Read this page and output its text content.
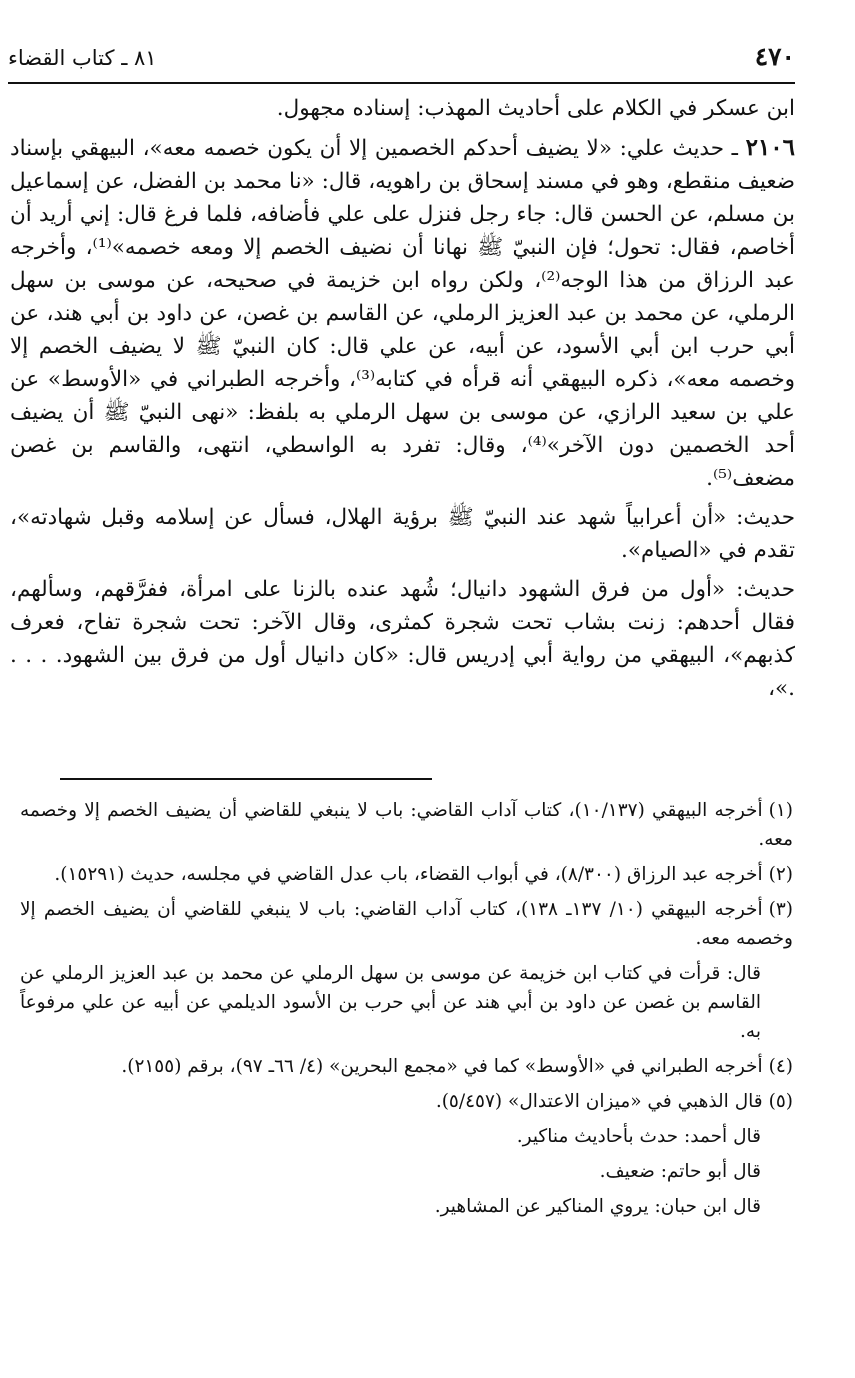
٤٧٠
٨١ ـ كتاب القضاء

ابن عسكر في الكلام على أحاديث المهذب: إسناده مجهول.

٢١٠٦ ـ حديث علي: «لا يضيف أحدكم الخصمين إلا أن يكون خصمه معه»، البيهقي بإسناد ضعيف منقطع، وهو في مسند إسحاق بن راهويه، قال: «نا محمد بن الفضل، عن إسماعيل بن مسلم، عن الحسن قال: جاء رجل فنزل على علي فأضافه، فلما فرغ قال: إني أريد أن أخاصم، فقال: تحول؛ فإن النبيّ ﷺ نهانا أن نضيف الخصم إلا ومعه خصمه»⁽¹⁾، وأخرجه عبد الرزاق من هذا الوجه⁽²⁾، ولكن رواه ابن خزيمة في صحيحه، عن موسى بن سهل الرملي، عن محمد بن عبد العزيز الرملي، عن القاسم بن غصن، عن داود بن أبي هند، عن أبي حرب ابن أبي الأسود، عن أبيه، عن علي قال: كان النبيّ ﷺ لا يضيف الخصم إلا وخصمه معه»، ذكره البيهقي أنه قرأه في كتابه⁽³⁾، وأخرجه الطبراني في «الأوسط» عن علي بن سعيد الرازي، عن موسى بن سهل الرملي به بلفظ: «نهى النبيّ ﷺ أن يضيف أحد الخصمين دون الآخر»⁽⁴⁾، وقال: تفرد به الواسطي، انتهى، والقاسم بن غصن مضعف⁽⁵⁾.

حديث: «أن أعرابياً شهد عند النبيّ ﷺ برؤية الهلال، فسأل عن إسلامه وقبل شهادته»، تقدم في «الصيام».

حديث: «أول من فرق الشهود دانيال؛ شُهد عنده بالزنا على امرأة، ففرَّقهم، وسألهم، فقال أحدهم: زنت بشاب تحت شجرة كمثرى، وقال الآخر: تحت شجرة تفاح، فعرف كذبهم»، البيهقي من رواية أبي إدريس قال: «كان دانيال أول من فرق بين الشهود. . . . .»،

(١)أخرجه البيهقي (١٠/١٣٧)، كتاب آداب القاضي: باب لا ينبغي للقاضي أن يضيف الخصم إلا وخصمه معه.
(٢)أخرجه عبد الرزاق (٨/٣٠٠)، في أبواب القضاء، باب عدل القاضي في مجلسه، حديث (١٥٢٩١).
(٣)أخرجه البيهقي (١٠/ ١٣٧ـ ١٣٨)، كتاب آداب القاضي: باب لا ينبغي للقاضي أن يضيف الخصم إلا وخصمه معه.
قال: قرأت في كتاب ابن خزيمة عن موسى بن سهل الرملي عن محمد بن عبد العزيز الرملي عن القاسم بن غصن عن داود بن أبي هند عن أبي حرب بن الأسود الديلمي عن أبيه عن علي مرفوعاً به.
(٤)أخرجه الطبراني في «الأوسط» كما في «مجمع البحرين» (٤/ ٦٦ـ ٩٧)، برقم (٢١٥٥).
(٥)قال الذهبي في «ميزان الاعتدال» (٥/٤٥٧).
قال أحمد: حدث بأحاديث مناكير.
قال أبو حاتم: ضعيف.
قال ابن حبان: يروي المناكير عن المشاهير.
